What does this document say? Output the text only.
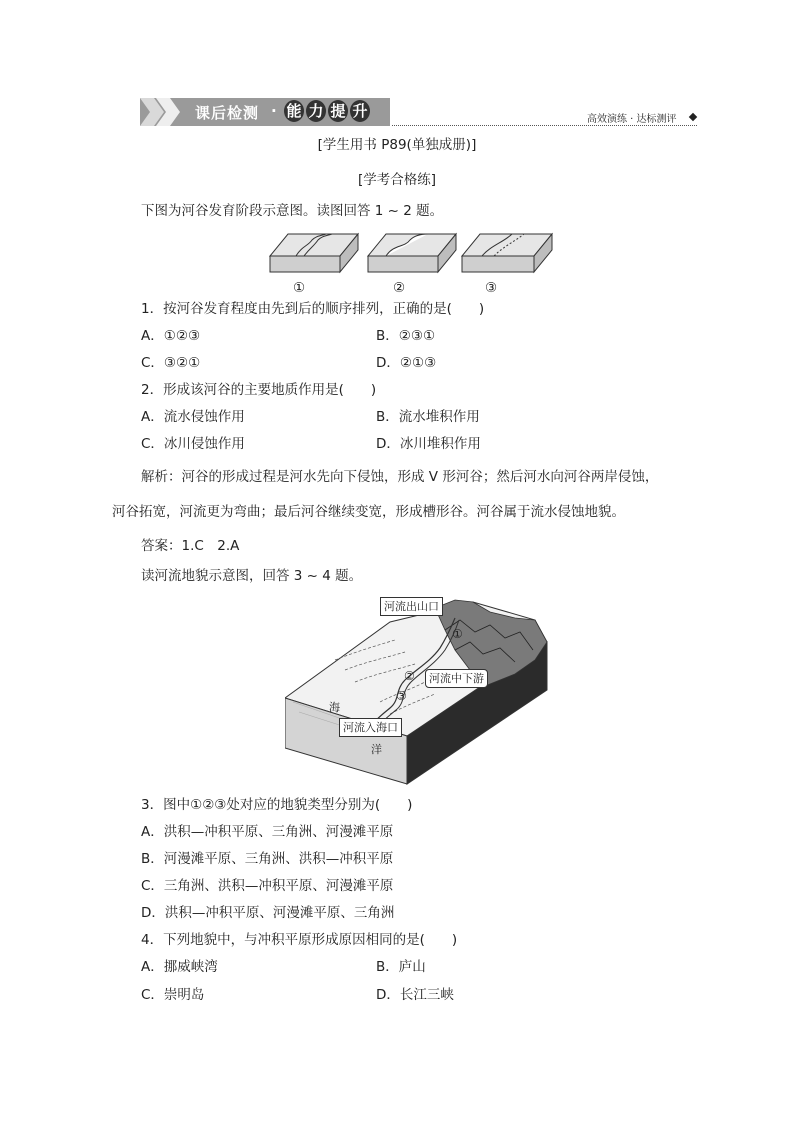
课后检测 · 能 力 提 升	高效演练 · 达标测评
[学生用书 P89(单独成册)]
[学考合格练]
下图为河谷发育阶段示意图。读图回答 1 ~ 2 题。
①	②	③
1．按河谷发育程度由先到后的顺序排列，正确的是(　　)
A．①②③	B．②③①
C．③②①	D．②①③
2．形成该河谷的主要地质作用是(　　)
A．流水侵蚀作用	B．流水堆积作用
C．冰川侵蚀作用	D．冰川堆积作用
解析：河谷的形成过程是河水先向下侵蚀，形成 V 形河谷；然后河水向河谷两岸侵蚀，
河谷拓宽，河流更为弯曲；最后河谷继续变宽，形成槽形谷。河谷属于流水侵蚀地貌。
答案：1.C　2.A
读河流地貌示意图，回答 3 ~ 4 题。
河流出山口
河流中下游
河流入海口
①
②
③
海
洋
3．图中①②③处对应的地貌类型分别为(　　)
A．洪积—冲积平原、三角洲、河漫滩平原
B．河漫滩平原、三角洲、洪积—冲积平原
C．三角洲、洪积—冲积平原、河漫滩平原
D．洪积—冲积平原、河漫滩平原、三角洲
4．下列地貌中，与冲积平原形成原因相同的是(　　)
A．挪威峡湾	B．庐山
C．崇明岛	D．长江三峡
